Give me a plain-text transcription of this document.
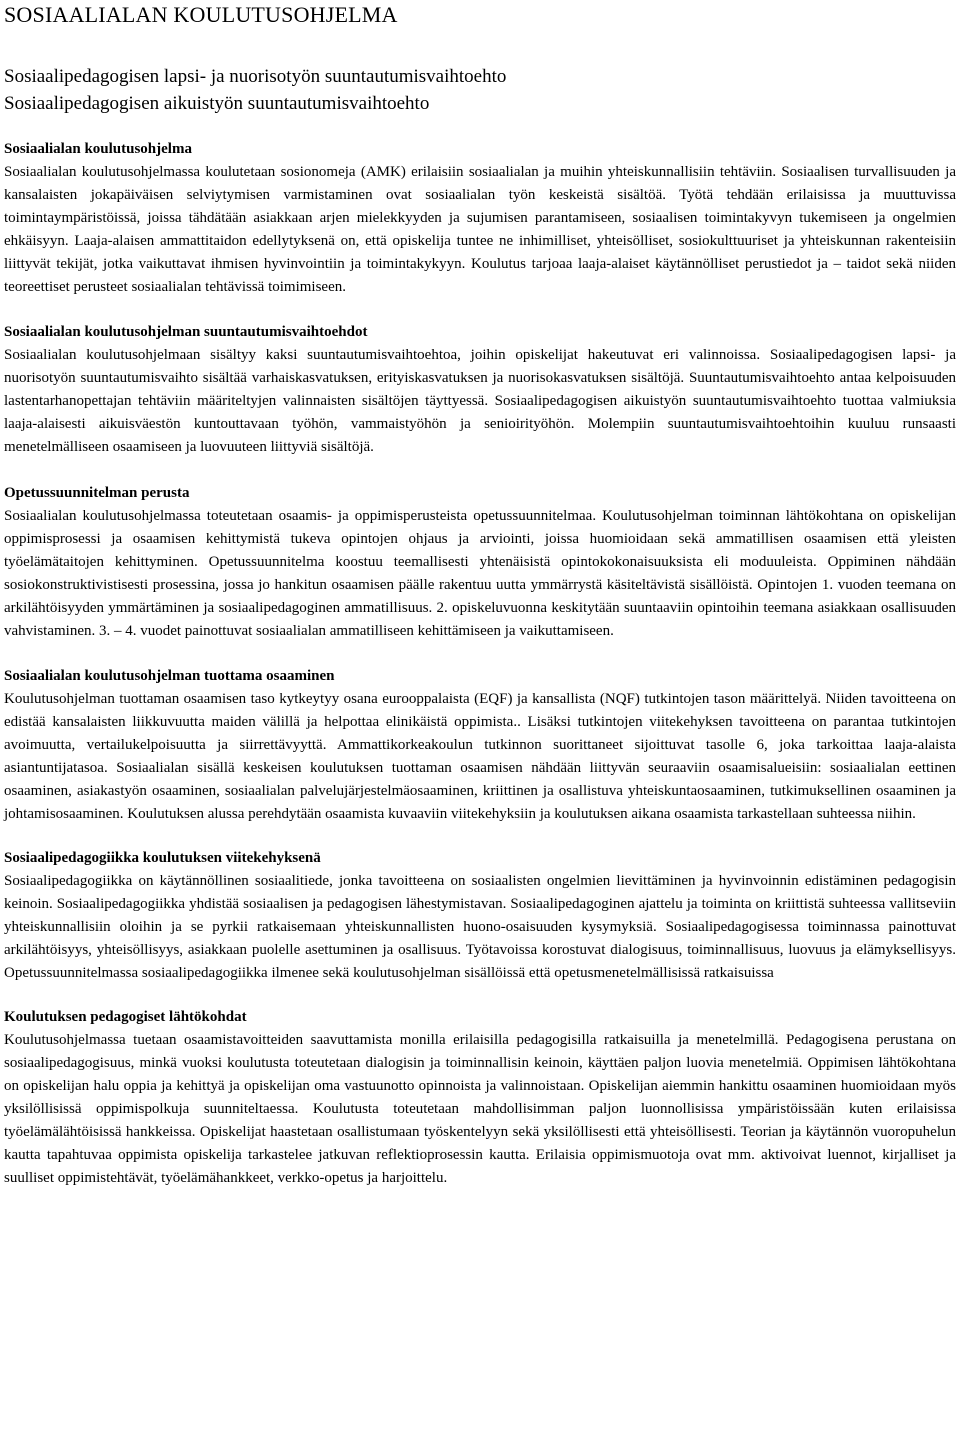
SOSIAALIALAN KOULUTUSOHJELMA

Sosiaalipedagogisen lapsi- ja nuorisotyön suuntautumisvaihtoehto

Sosiaalipedagogisen aikuistyön suuntautumisvaihtoehto

Sosiaalialan koulutusohjelma

Sosiaalialan koulutusohjelmassa koulutetaan sosionomeja (AMK) erilaisiin sosiaalialan ja muihin yhteiskunnallisiin tehtäviin. Sosiaalisen turvallisuuden ja kansalaisten jokapäiväisen selviytymisen varmistaminen ovat sosiaalialan työn keskeistä sisältöä. Työtä tehdään erilaisissa ja muuttuvissa toimintaympäristöissä, joissa tähdätään asiakkaan arjen mielekkyyden ja sujumisen parantamiseen, sosiaalisen toimintakyvyn tukemiseen ja ongelmien ehkäisyyn. Laaja-alaisen ammattitaidon edellytyksenä on, että opiskelija tuntee ne inhimilliset, yhteisölliset, sosiokulttuuriset ja yhteiskunnan rakenteisiin liittyvät tekijät, jotka vaikuttavat ihmisen hyvinvointiin ja toimintakykyyn. Koulutus tarjoaa laaja-alaiset käytännölliset perustiedot ja – taidot sekä niiden teoreettiset perusteet sosiaalialan tehtävissä toimimiseen.

Sosiaalialan koulutusohjelman suuntautumisvaihtoehdot

Sosiaalialan koulutusohjelmaan sisältyy kaksi suuntautumisvaihtoehtoa, joihin opiskelijat hakeutuvat eri valinnoissa. Sosiaalipedagogisen lapsi- ja nuorisotyön suuntautumisvaihto sisältää varhaiskasvatuksen, erityiskasvatuksen ja nuorisokasvatuksen sisältöjä. Suuntautumisvaihtoehto antaa kelpoisuuden lastentarhanopettajan tehtäviin määriteltyjen valinnaisten sisältöjen täyttyessä. Sosiaalipedagogisen aikuistyön suuntautumisvaihtoehto tuottaa valmiuksia laaja-alaisesti aikuisväestön kuntouttavaan työhön, vammaistyöhön ja senioirityöhön. Molempiin suuntautumisvaihtoehtoihin kuuluu runsaasti menetelmälliseen osaamiseen ja luovuuteen liittyviä sisältöjä.

Opetussuunnitelman perusta

Sosiaalialan koulutusohjelmassa toteutetaan osaamis- ja oppimisperusteista opetussuunnitelmaa. Koulutusohjelman toiminnan lähtökohtana on opiskelijan oppimisprosessi ja osaamisen kehittymistä tukeva opintojen ohjaus ja arviointi, joissa huomioidaan sekä ammatillisen osaamisen että yleisten työelämätaitojen kehittyminen. Opetussuunnitelma koostuu teemallisesti yhtenäisistä opintokokonaisuuksista eli moduuleista. Oppiminen nähdään sosiokonstruktivistisesti prosessina, jossa jo hankitun osaamisen päälle rakentuu uutta ymmärrystä käsiteltävistä sisällöistä. Opintojen 1. vuoden teemana on arkilähtöisyyden ymmärtäminen ja sosiaalipedagoginen ammatillisuus. 2. opiskeluvuonna keskitytään suuntaaviin opintoihin teemana asiakkaan osallisuuden vahvistaminen. 3. – 4. vuodet painottuvat sosiaalialan ammatilliseen kehittämiseen ja vaikuttamiseen.

Sosiaalialan koulutusohjelman tuottama osaaminen

Koulutusohjelman tuottaman osaamisen taso kytkeytyy osana eurooppalaista (EQF) ja kansallista (NQF) tutkintojen tason määrittelyä. Niiden tavoitteena on edistää kansalaisten liikkuvuutta maiden välillä ja helpottaa elinikäistä oppimista.. Lisäksi tutkintojen viitekehyksen tavoitteena on parantaa tutkintojen avoimuutta, vertailukelpoisuutta ja siirrettävyyttä. Ammattikorkeakoulun tutkinnon suorittaneet sijoittuvat tasolle 6, joka tarkoittaa laaja-alaista asiantuntijatasoa. Sosiaalialan sisällä keskeisen koulutuksen tuottaman osaamisen nähdään liittyvän seuraaviin osaamisalueisiin: sosiaalialan eettinen osaaminen, asiakastyön osaaminen, sosiaalialan palvelujärjestelmäosaaminen, kriittinen ja osallistuva yhteiskuntaosaaminen, tutkimuksellinen osaaminen ja johtamisosaaminen. Koulutuksen alussa perehdytään osaamista kuvaaviin viitekehyksiin ja koulutuksen aikana osaamista tarkastellaan suhteessa niihin.

Sosiaalipedagogiikka koulutuksen viitekehyksenä

Sosiaalipedagogiikka on käytännöllinen sosiaalitiede, jonka tavoitteena on sosiaalisten ongelmien lievittäminen ja hyvinvoinnin edistäminen pedagogisin keinoin. Sosiaalipedagogiikka yhdistää sosiaalisen ja pedagogisen lähestymistavan. Sosiaalipedagoginen ajattelu ja toiminta on kriittistä suhteessa vallitseviin yhteiskunnallisiin oloihin ja se pyrkii ratkaisemaan yhteiskunnallisten huono-osaisuuden kysymyksiä. Sosiaalipedagogisessa toiminnassa painottuvat arkilähtöisyys, yhteisöllisyys, asiakkaan puolelle asettuminen ja osallisuus. Työtavoissa korostuvat dialogisuus, toiminnallisuus, luovuus ja elämyksellisyys. Opetussuunnitelmassa sosiaalipedagogiikka ilmenee sekä koulutusohjelman sisällöissä että opetusmenetelmällisissä ratkaisuissa

Koulutuksen pedagogiset lähtökohdat

Koulutusohjelmassa tuetaan osaamistavoitteiden saavuttamista monilla erilaisilla pedagogisilla ratkaisuilla ja menetelmillä. Pedagogisena perustana on sosiaalipedagogisuus, minkä vuoksi koulutusta toteutetaan dialogisin ja toiminnallisin keinoin, käyttäen paljon luovia menetelmiä. Oppimisen lähtökohtana on opiskelijan halu oppia ja kehittyä ja opiskelijan oma vastuunotto opinnoista ja valinnoistaan. Opiskelijan aiemmin hankittu osaaminen huomioidaan myös yksilöllisissä oppimispolkuja suunniteltaessa. Koulutusta toteutetaan mahdollisimman paljon luonnollisissa ympäristöissään kuten erilaisissa työelämälähtöisissä hankkeissa. Opiskelijat haastetaan osallistumaan työskentelyyn sekä yksilöllisesti että yhteisöllisesti. Teorian ja käytännön vuoropuhelun kautta tapahtuvaa oppimista opiskelija tarkastelee jatkuvan reflektioprosessin kautta. Erilaisia oppimismuotoja ovat mm. aktivoivat luennot, kirjalliset ja suulliset oppimistehtävät, työelämähankkeet, verkko-opetus ja harjoittelu.
